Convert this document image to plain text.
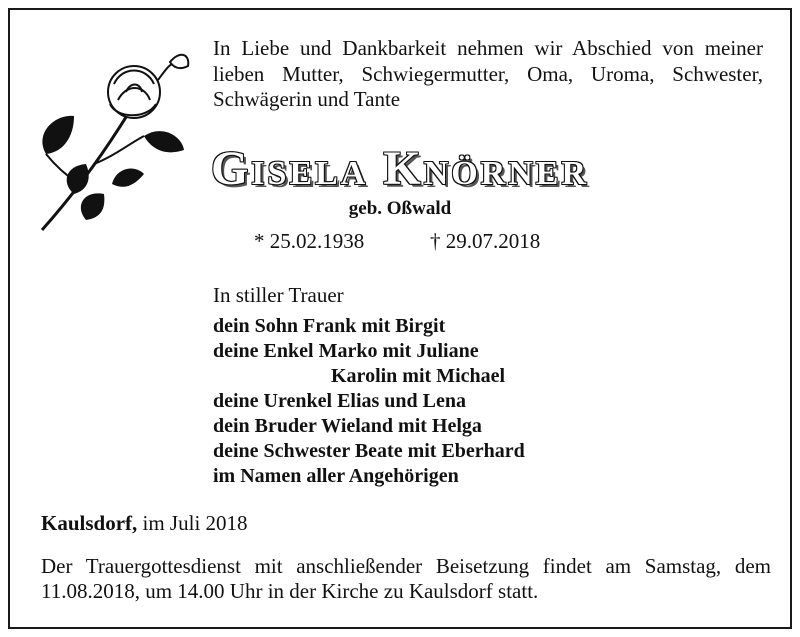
In Liebe und Dankbarkeit nehmen wir Abschied von meiner lieben Mutter, Schwiegermutter, Oma, Uroma, Schwester, Schwägerin und Tante
Gisela Knörner
geb. Oßwald
* 25.02.1938	† 29.07.2018
In stiller Trauer
dein Sohn Frank mit Birgit
deine Enkel Marko mit Juliane
Karolin mit Michael
deine Urenkel Elias und Lena
dein Bruder Wieland mit Helga
deine Schwester Beate mit Eberhard
im Namen aller Angehörigen
Kaulsdorf, im Juli 2018
Der Trauergottesdienst mit anschließender Beisetzung findet am Samstag, dem 11.08.2018, um 14.00 Uhr in der Kirche zu Kaulsdorf statt.
